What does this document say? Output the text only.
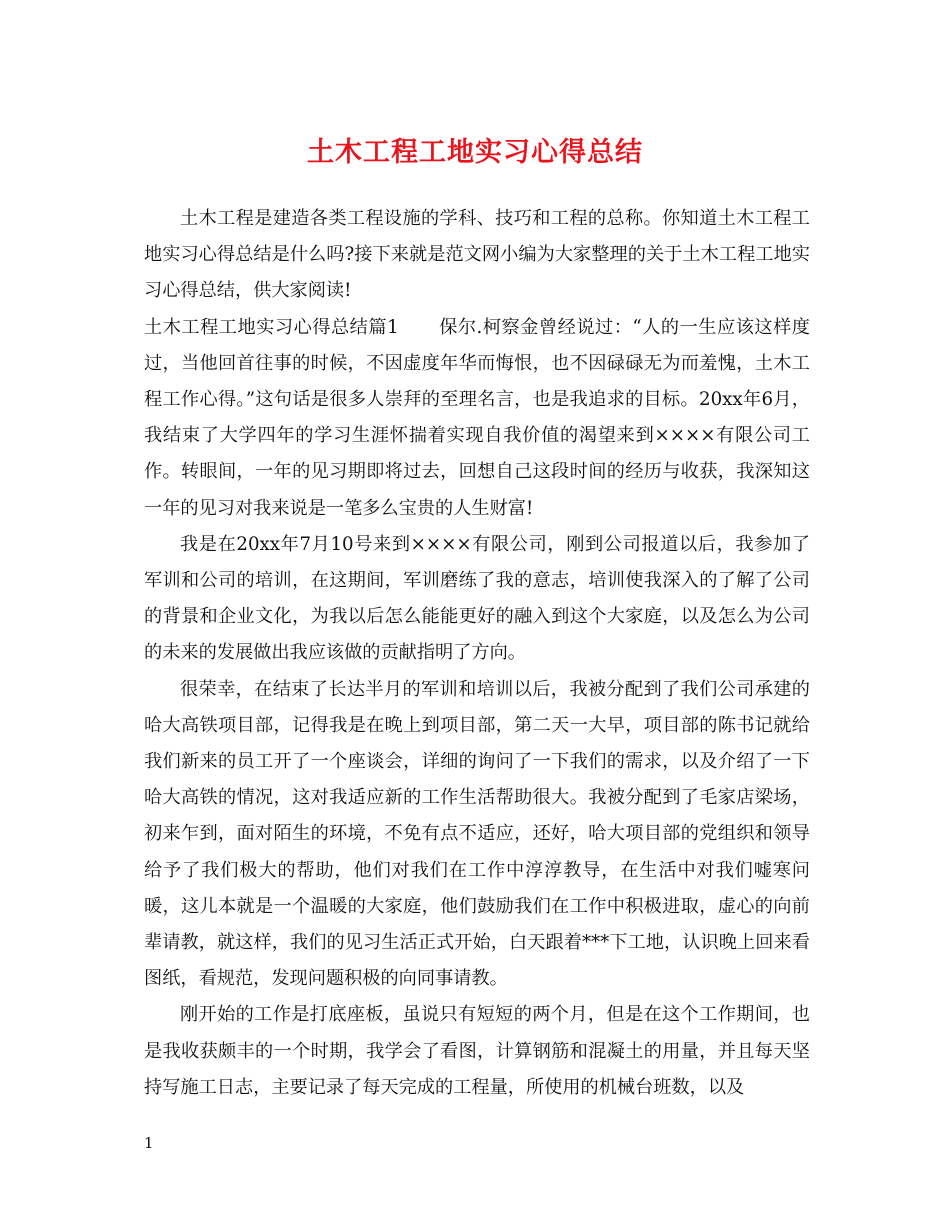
土木工程工地实习心得总结

土木工程是建造各类工程设施的学科、技巧和工程的总称。你知道土木工程工地实习心得总结是什么吗?接下来就是范文网小编为大家整理的关于土木工程工地实习心得总结，供大家阅读!

土木工程工地实习心得总结篇1 保尔.柯察金曾经说过：“人的一生应该这样度过，当他回首往事的时候，不因虚度年华而悔恨，也不因碌碌无为而羞愧，土木工程工作心得。”这句话是很多人崇拜的至理名言，也是我追求的目标。20xx年6月，我结束了大学四年的学习生涯怀揣着实现自我价值的渴望来到××××有限公司工作。转眼间，一年的见习期即将过去，回想自己这段时间的经历与收获，我深知这一年的见习对我来说是一笔多么宝贵的人生财富!

我是在20xx年7月10号来到××××有限公司，刚到公司报道以后，我参加了军训和公司的培训，在这期间，军训磨练了我的意志，培训使我深入的了解了公司的背景和企业文化，为我以后怎么能能更好的融入到这个大家庭，以及怎么为公司的未来的发展做出我应该做的贡献指明了方向。

很荣幸，在结束了长达半月的军训和培训以后，我被分配到了我们公司承建的哈大高铁项目部，记得我是在晚上到项目部，第二天一大早，项目部的陈书记就给我们新来的员工开了一个座谈会，详细的询问了一下我们的需求，以及介绍了一下哈大高铁的情况，这对我适应新的工作生活帮助很大。我被分配到了毛家店梁场，初来乍到，面对陌生的环境，不免有点不适应，还好，哈大项目部的党组织和领导给予了我们极大的帮助，他们对我们在工作中淳淳教导，在生活中对我们嘘寒问暖，这儿本就是一个温暖的大家庭，他们鼓励我们在工作中积极进取，虚心的向前辈请教，就这样，我们的见习生活正式开始，白天跟着***下工地，认识晚上回来看图纸，看规范，发现问题积极的向同事请教。

刚开始的工作是打底座板，虽说只有短短的两个月，但是在这个工作期间，也是我收获颇丰的一个时期，我学会了看图，计算钢筋和混凝土的用量，并且每天坚持写施工日志，主要记录了每天完成的工程量，所使用的机械台班数，以及

1
